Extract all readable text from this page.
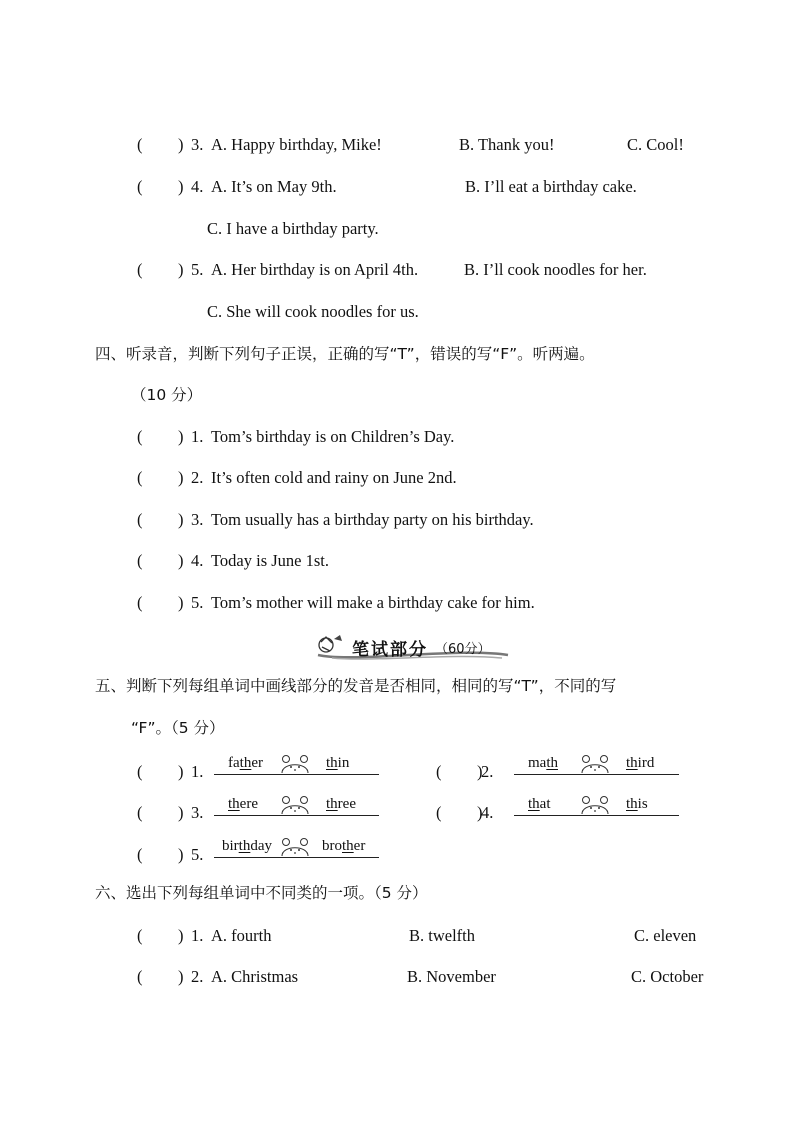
( ) 3. A. Happy birthday, Mike!	B. Thank you!	C. Cool!
( ) 4. A. It’s on May 9th.	B. I’ll eat a birthday cake.
C. I have a birthday party.
( ) 5. A. Her birthday is on April 4th.	B. I’ll cook noodles for her.
C. She will cook noodles for us.
四、听录音，判断下列句子正误，正确的写“T”，错误的写“F”。听两遍。
（10 分）
( ) 1. Tom’s birthday is on Children’s Day.
( ) 2. It’s often cold and rainy on June 2nd.
( ) 3. Tom usually has a birthday party on his birthday.
( ) 4. Today is June 1st.
( ) 5. Tom’s mother will make a birthday cake for him.
笔试部分 （60分）
五、判断下列每组单词中画线部分的发音是否相同，相同的写“T”，不同的写
“F”。（5 分）
( ) 1. father	thin	( )
2. math	third
( ) 3. there	three	( )
4. that	this
( ) 5. birthday	brother
六、选出下列每组单词中不同类的一项。（5 分）
( ) 1. A. fourth	B. twelfth	C. eleven
( ) 2. A. Christmas	B. November	C. October
